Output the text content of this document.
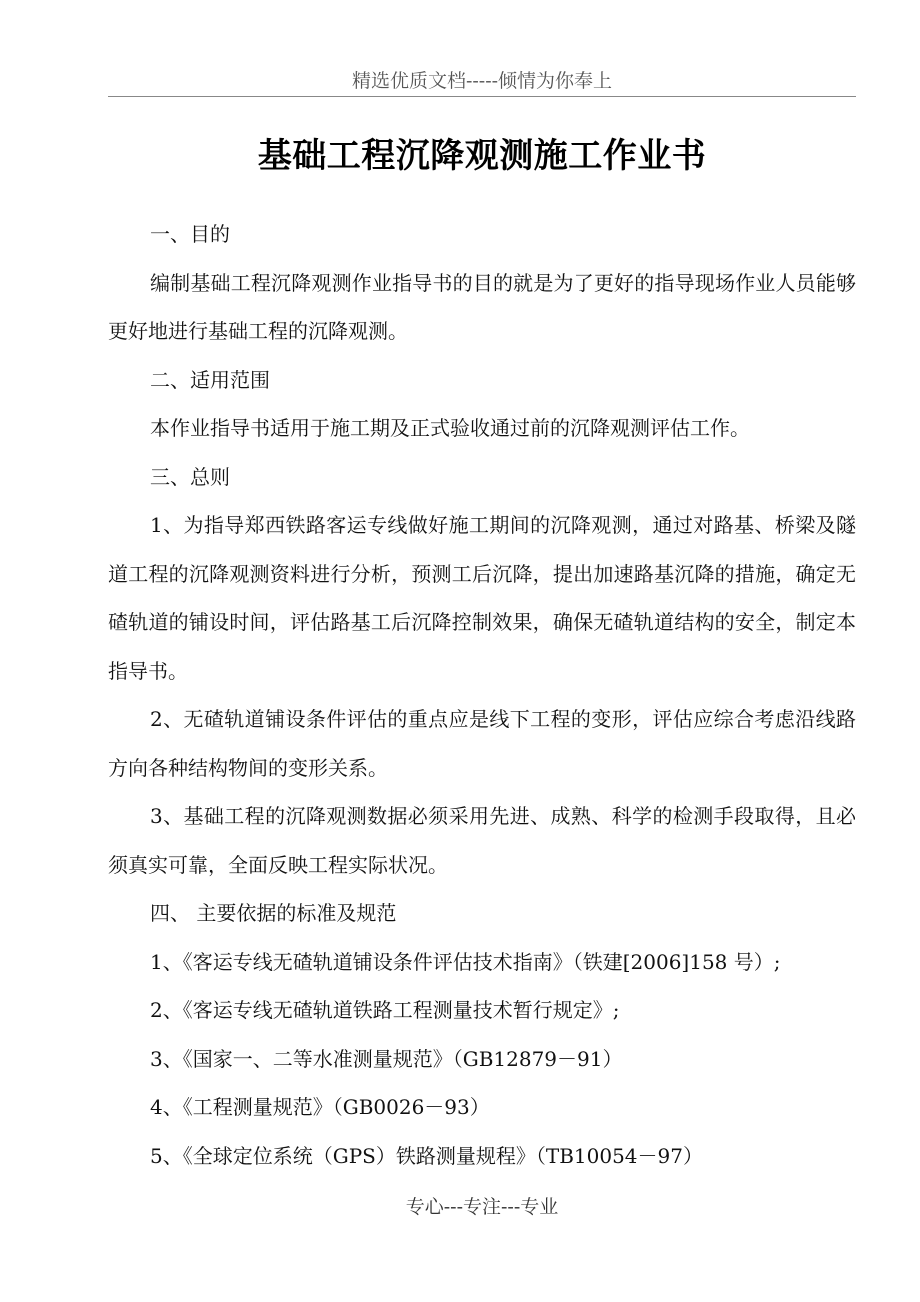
精选优质文档-----倾情为你奉上
基础工程沉降观测施工作业书

一、目的

编制基础工程沉降观测作业指导书的目的就是为了更好的指导现场作业人员能够更好地进行基础工程的沉降观测。

二、适用范围

本作业指导书适用于施工期及正式验收通过前的沉降观测评估工作。

三、总则

1、为指导郑西铁路客运专线做好施工期间的沉降观测，通过对路基、桥梁及隧道工程的沉降观测资料进行分析，预测工后沉降，提出加速路基沉降的措施，确定无碴轨道的铺设时间，评估路基工后沉降控制效果，确保无碴轨道结构的安全，制定本指导书。

2、无碴轨道铺设条件评估的重点应是线下工程的变形，评估应综合考虑沿线路方向各种结构物间的变形关系。

3、基础工程的沉降观测数据必须采用先进、成熟、科学的检测手段取得，且必须真实可靠，全面反映工程实际状况。

四、 主要依据的标准及规范

1、《客运专线无碴轨道铺设条件评估技术指南》（铁建[2006]158 号）;

2、《客运专线无碴轨道铁路工程测量技术暂行规定》;

3、《国家一、二等水准测量规范》（GB12879－91）

4、《工程测量规范》（GB0026－93）

5、《全球定位系统（GPS）铁路测量规程》（TB10054－97）

专心---专注---专业
